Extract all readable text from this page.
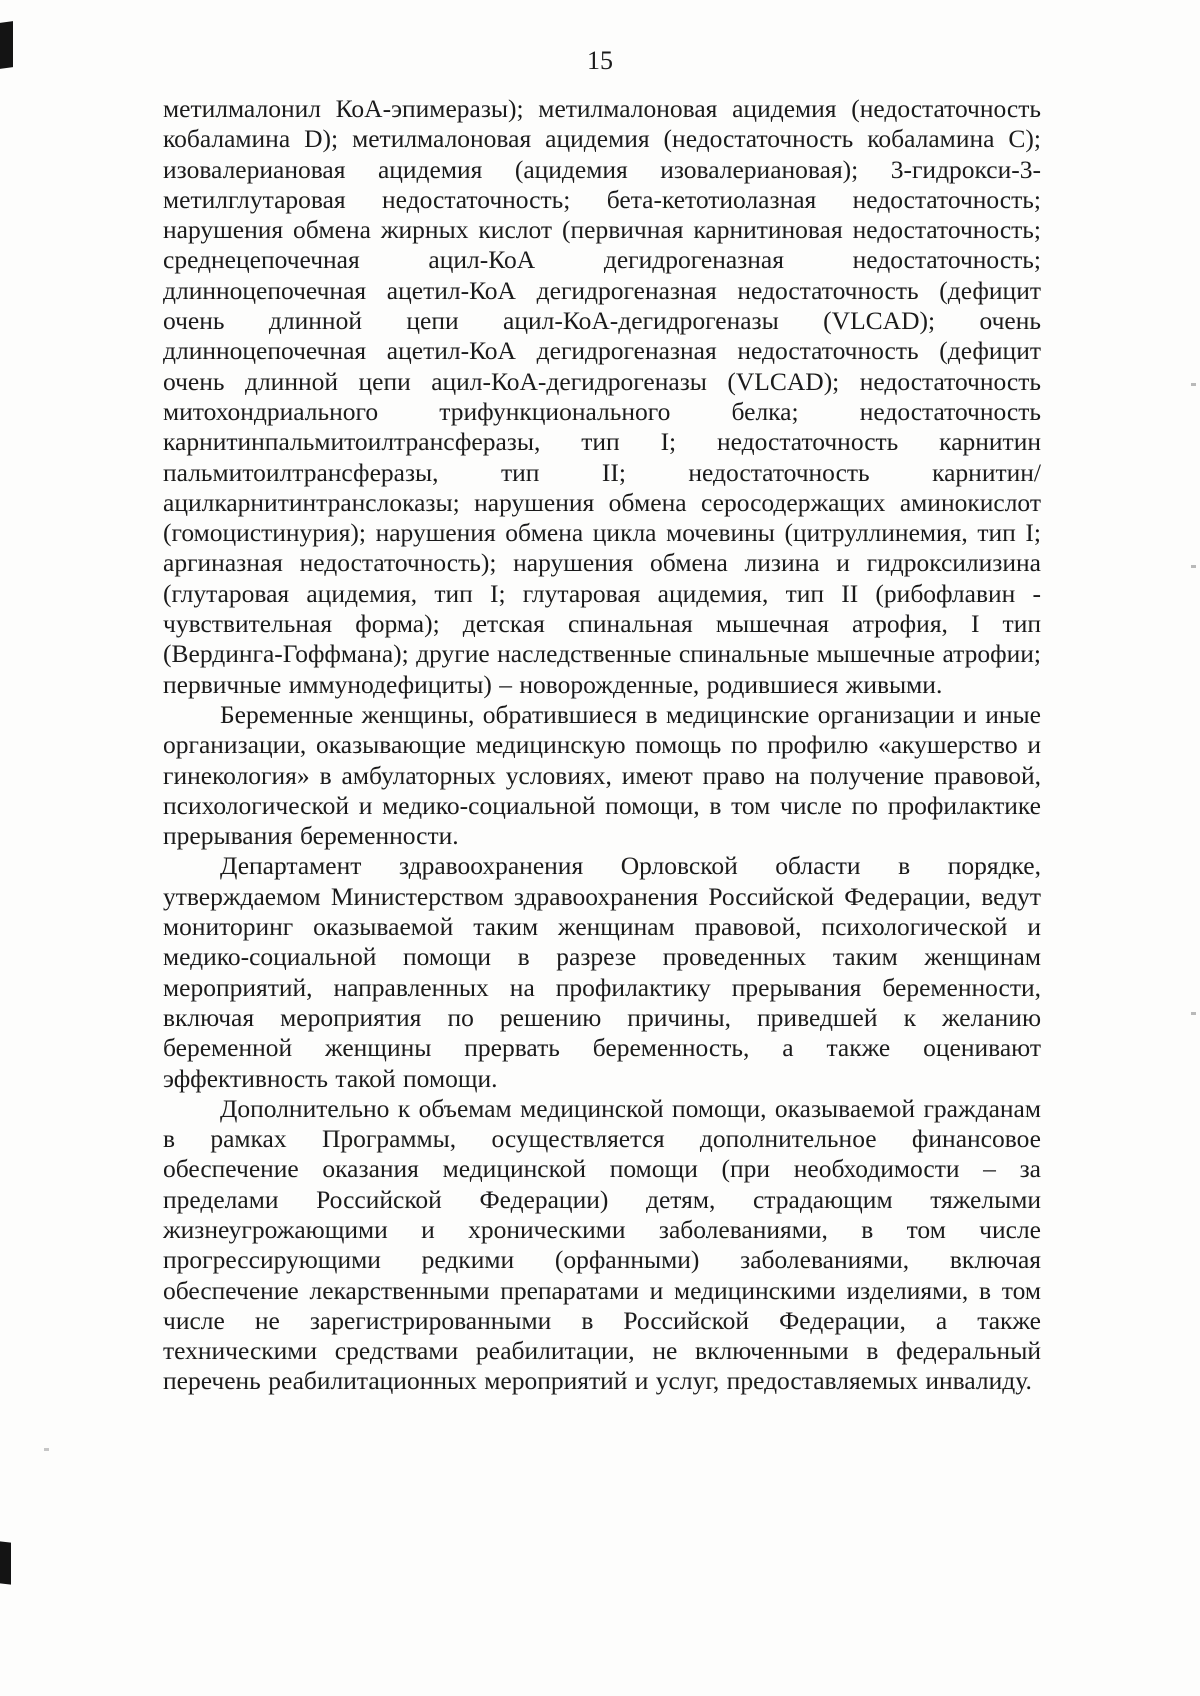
15

метилмалонил КоА-эпимеразы); метилмалоновая ацидемия (недостаточность кобаламина D); метилмалоновая ацидемия (недостаточность кобаламина C); изовалериановая ацидемия (ацидемия изовалериановая); 3-гидрокси-3-метилглутаровая недостаточность; бета-кетотиолазная недостаточность; нарушения обмена жирных кислот (первичная карнитиновая недостаточность; среднецепочечная ацил-КоА дегидрогеназная недостаточность; длинноцепочечная ацетил-КоА дегидрогеназная недостаточность (дефицит очень длинной цепи ацил-КоА-дегидрогеназы (VLCAD); очень длинноцепочечная ацетил-КоА дегидрогеназная недостаточность (дефицит очень длинной цепи ацил-КоА-дегидрогеназы (VLCAD); недостаточность митохондриального трифункционального белка; недостаточность карнитинпальмитоилтрансферазы, тип I; недостаточность карнитин пальмитоилтрансферазы, тип II; недостаточность карнитин/ацилкарнитинтранслоказы; нарушения обмена серосодержащих аминокислот (гомоцистинурия); нарушения обмена цикла мочевины (цитруллинемия, тип I; аргиназная недостаточность); нарушения обмена лизина и гидроксилизина (глутаровая ацидемия, тип I; глутаровая ацидемия, тип II (рибофлавин - чувствительная форма); детская спинальная мышечная атрофия, I тип (Вердинга-Гоффмана); другие наследственные спинальные мышечные атрофии; первичные иммунодефициты) – новорожденные, родившиеся живыми.

Беременные женщины, обратившиеся в медицинские организации и иные организации, оказывающие медицинскую помощь по профилю «акушерство и гинекология» в амбулаторных условиях, имеют право на получение правовой, психологической и медико-социальной помощи, в том числе по профилактике прерывания беременности.

Департамент здравоохранения Орловской области в порядке, утверждаемом Министерством здравоохранения Российской Федерации, ведут мониторинг оказываемой таким женщинам правовой, психологической и медико-социальной помощи в разрезе проведенных таким женщинам мероприятий, направленных на профилактику прерывания беременности, включая мероприятия по решению причины, приведшей к желанию беременной женщины прервать беременность, а также оценивают эффективность такой помощи.

Дополнительно к объемам медицинской помощи, оказываемой гражданам в рамках Программы, осуществляется дополнительное финансовое обеспечение оказания медицинской помощи (при необходимости – за пределами Российской Федерации) детям, страдающим тяжелыми жизнеугрожающими и хроническими заболеваниями, в том числе прогрессирующими редкими (орфанными) заболеваниями, включая обеспечение лекарственными препаратами и медицинскими изделиями, в том числе не зарегистрированными в Российской Федерации, а также техническими средствами реабилитации, не включенными в федеральный перечень реабилитационных мероприятий и услуг, предоставляемых инвалиду.
